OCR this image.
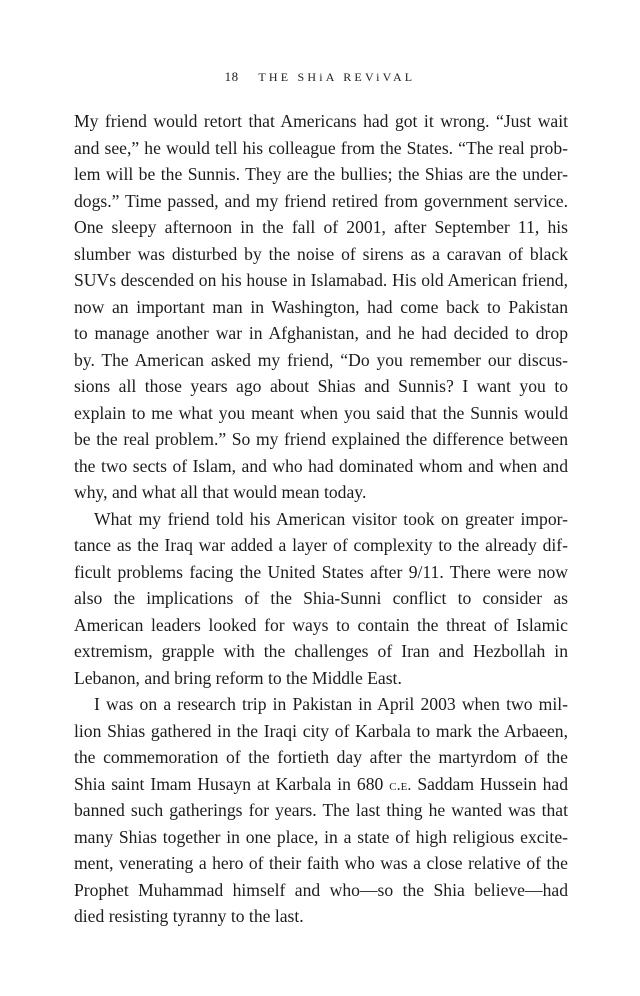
18 THE SHiA REViVAL
My friend would retort that Americans had got it wrong. “Just wait
and see,” he would tell his colleague from the States. “The real prob-
lem will be the Sunnis. They are the bullies; the Shias are the under-
dogs.” Time passed, and my friend retired from government service.
One sleepy afternoon in the fall of 2001, after September 11, his
slumber was disturbed by the noise of sirens as a caravan of black
SUVs descended on his house in Islamabad. His old American friend,
now an important man in Washington, had come back to Pakistan
to manage another war in Afghanistan, and he had decided to drop
by. The American asked my friend, “Do you remember our discus-
sions all those years ago about Shias and Sunnis? I want you to
explain to me what you meant when you said that the Sunnis would
be the real problem.” So my friend explained the difference between
the two sects of Islam, and who had dominated whom and when and
why, and what all that would mean today.
What my friend told his American visitor took on greater impor-
tance as the Iraq war added a layer of complexity to the already dif-
ficult problems facing the United States after 9/11. There were now
also the implications of the Shia-Sunni conflict to consider as
American leaders looked for ways to contain the threat of Islamic
extremism, grapple with the challenges of Iran and Hezbollah in
Lebanon, and bring reform to the Middle East.
I was on a research trip in Pakistan in April 2003 when two mil-
lion Shias gathered in the Iraqi city of Karbala to mark the Arbaeen,
the commemoration of the fortieth day after the martyrdom of the
Shia saint Imam Husayn at Karbala in 680 c.e. Saddam Hussein had
banned such gatherings for years. The last thing he wanted was that
many Shias together in one place, in a state of high religious excite-
ment, venerating a hero of their faith who was a close relative of the
Prophet Muhammad himself and who—so the Shia believe—had
died resisting tyranny to the last.
